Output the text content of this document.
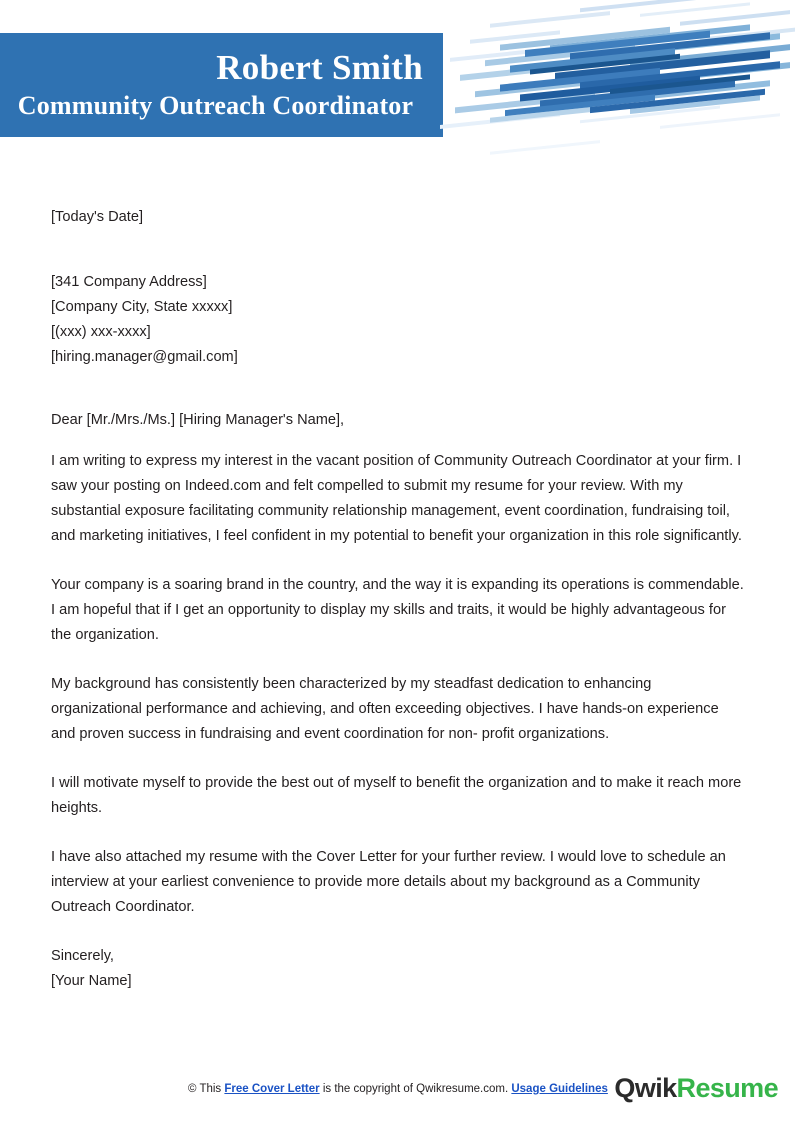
Robert Smith
Community Outreach Coordinator
[Today's Date]
[341 Company Address]
[Company City, State xxxxx]
[(xxx) xxx-xxxx]
[hiring.manager@gmail.com]
Dear [Mr./Mrs./Ms.] [Hiring Manager's Name],

I am writing to express my interest in the vacant position of Community Outreach Coordinator at your firm. I saw your posting on Indeed.com and felt compelled to submit my resume for your review. With my substantial exposure facilitating community relationship management, event coordination, fundraising toil, and marketing initiatives, I feel confident in my potential to benefit your organization in this role significantly.

Your company is a soaring brand in the country, and the way it is expanding its operations is commendable. I am hopeful that if I get an opportunity to display my skills and traits, it would be highly advantageous for the organization.

My background has consistently been characterized by my steadfast dedication to enhancing organizational performance and achieving, and often exceeding objectives. I have hands-on experience and proven success in fundraising and event coordination for non- profit organizations.

I will motivate myself to provide the best out of myself to benefit the organization and to make it reach more heights.

I have also attached my resume with the Cover Letter for your further review. I would love to schedule an interview at your earliest convenience to provide more details about my background as a Community Outreach Coordinator.

Sincerely,
[Your Name]
© This Free Cover Letter is the copyright of Qwikresume.com. Usage Guidelines QwikResume
